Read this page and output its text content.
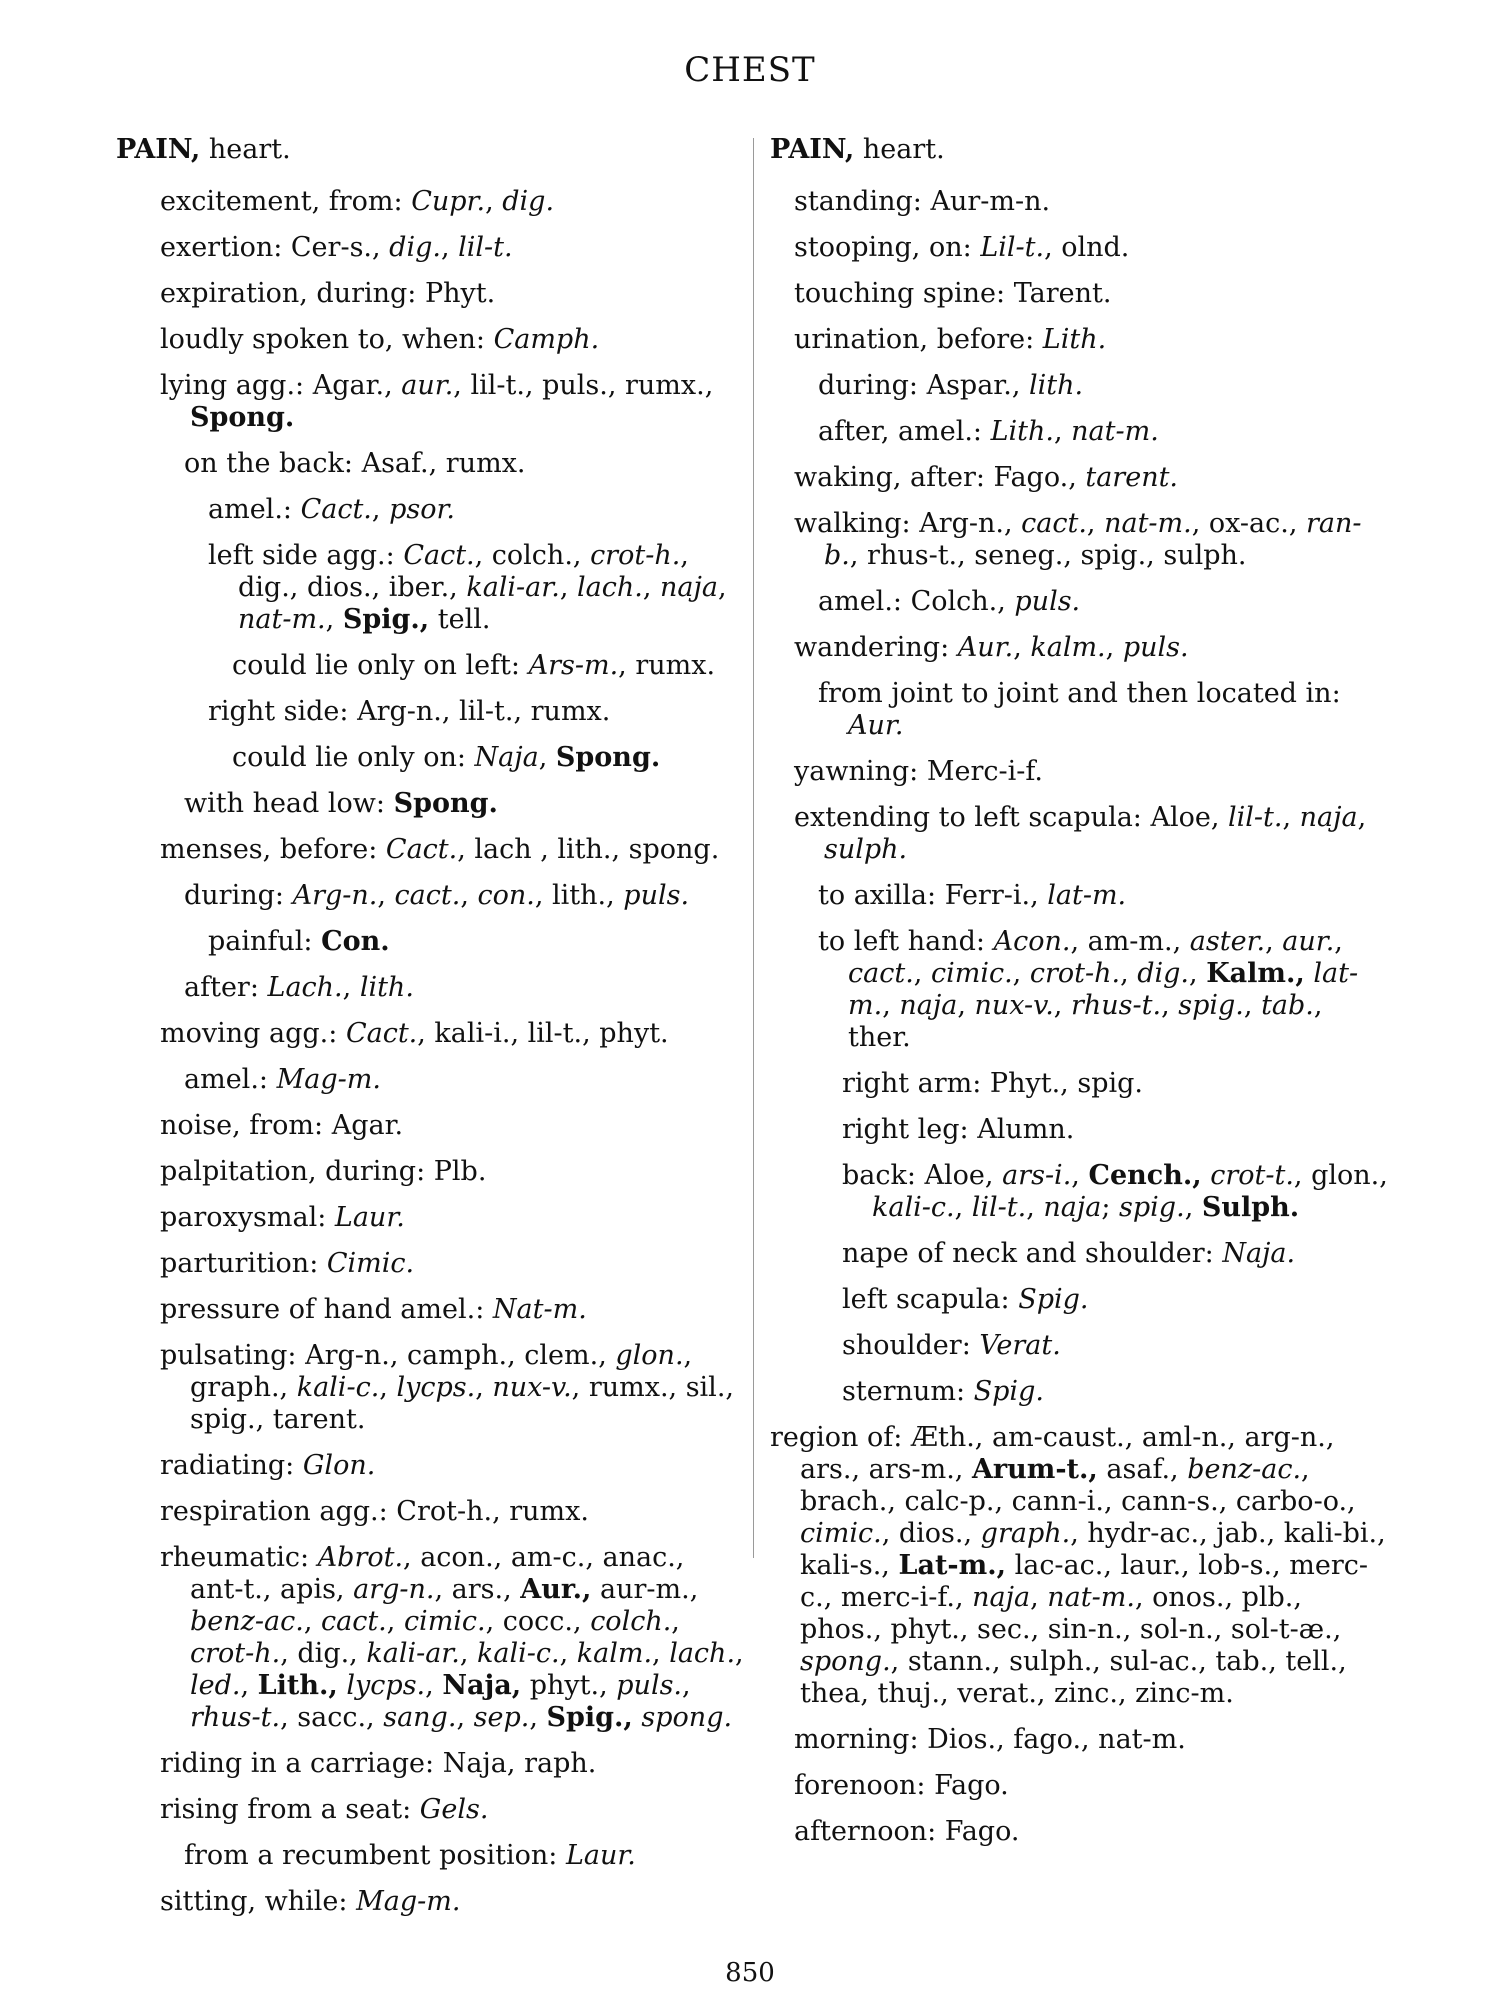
CHEST
PAIN, heart.
excitement, from: Cupr., dig.
exertion: Cer-s., dig., lil-t.
expiration, during: Phyt.
loudly spoken to, when: Camph.
lying agg.: Agar., aur., lil-t., puls., rumx., Spong.
on the back: Asaf., rumx.
amel.: Cact., psor.
left side agg.: Cact., colch., crot-h., dig., dios., iber., kali-ar., lach., naja, nat-m., Spig., tell.
could lie only on left: Ars-m., rumx.
right side: Arg-n., lil-t., rumx.
could lie only on: Naja, Spong.
with head low: Spong.
menses, before: Cact., lach , lith., spong.
during: Arg-n., cact., con., lith., puls.
painful: Con.
after: Lach., lith.
moving agg.: Cact., kali-i., lil-t., phyt.
amel.: Mag-m.
noise, from: Agar.
palpitation, during: Plb.
paroxysmal: Laur.
parturition: Cimic.
pressure of hand amel.: Nat-m.
pulsating: Arg-n., camph., clem., glon., graph., kali-c., lycps., nux-v., rumx., sil., spig., tarent.
radiating: Glon.
respiration agg.: Crot-h., rumx.
rheumatic: Abrot., acon., am-c., anac., ant-t., apis, arg-n., ars., Aur., aur-m., benz-ac., cact., cimic., cocc., colch., crot-h., dig., kali-ar., kali-c., kalm., lach., led., Lith., lycps., Naja, phyt., puls., rhus-t., sacc., sang., sep., Spig., spong.
riding in a carriage: Naja, raph.
rising from a seat: Gels.
from a recumbent position: Laur.
sitting, while: Mag-m.
PAIN, heart.
standing: Aur-m-n.
stooping, on: Lil-t., olnd.
touching spine: Tarent.
urination, before: Lith.
during: Aspar., lith.
after, amel.: Lith., nat-m.
waking, after: Fago., tarent.
walking: Arg-n., cact., nat-m., ox-ac., ran-b., rhus-t., seneg., spig., sulph.
amel.: Colch., puls.
wandering: Aur., kalm., puls.
from joint to joint and then located in: Aur.
yawning: Merc-i-f.
extending to left scapula: Aloe, lil-t., naja, sulph.
to axilla: Ferr-i., lat-m.
to left hand: Acon., am-m., aster., aur., cact., cimic., crot-h., dig., Kalm., lat-m., naja, nux-v., rhus-t., spig., tab., ther.
right arm: Phyt., spig.
right leg: Alumn.
back: Aloe, ars-i., Cench., crot-t., glon., kali-c., lil-t., naja; spig., Sulph.
nape of neck and shoulder: Naja.
left scapula: Spig.
shoulder: Verat.
sternum: Spig.
region of: Æth., am-caust., aml-n., arg-n., ars., ars-m., Arum-t., asaf., benz-ac., brach., calc-p., cann-i., cann-s., carbo-o., cimic., dios., graph., hydr-ac., jab., kali-bi., kali-s., Lat-m., lac-ac., laur., lob-s., merc-c., merc-i-f., naja, nat-m., onos., plb., phos., phyt., sec., sin-n., sol-n., sol-t-æ., spong., stann., sulph., sul-ac., tab., tell., thea, thuj., verat., zinc., zinc-m.
morning: Dios., fago., nat-m.
forenoon: Fago.
afternoon: Fago.
850
